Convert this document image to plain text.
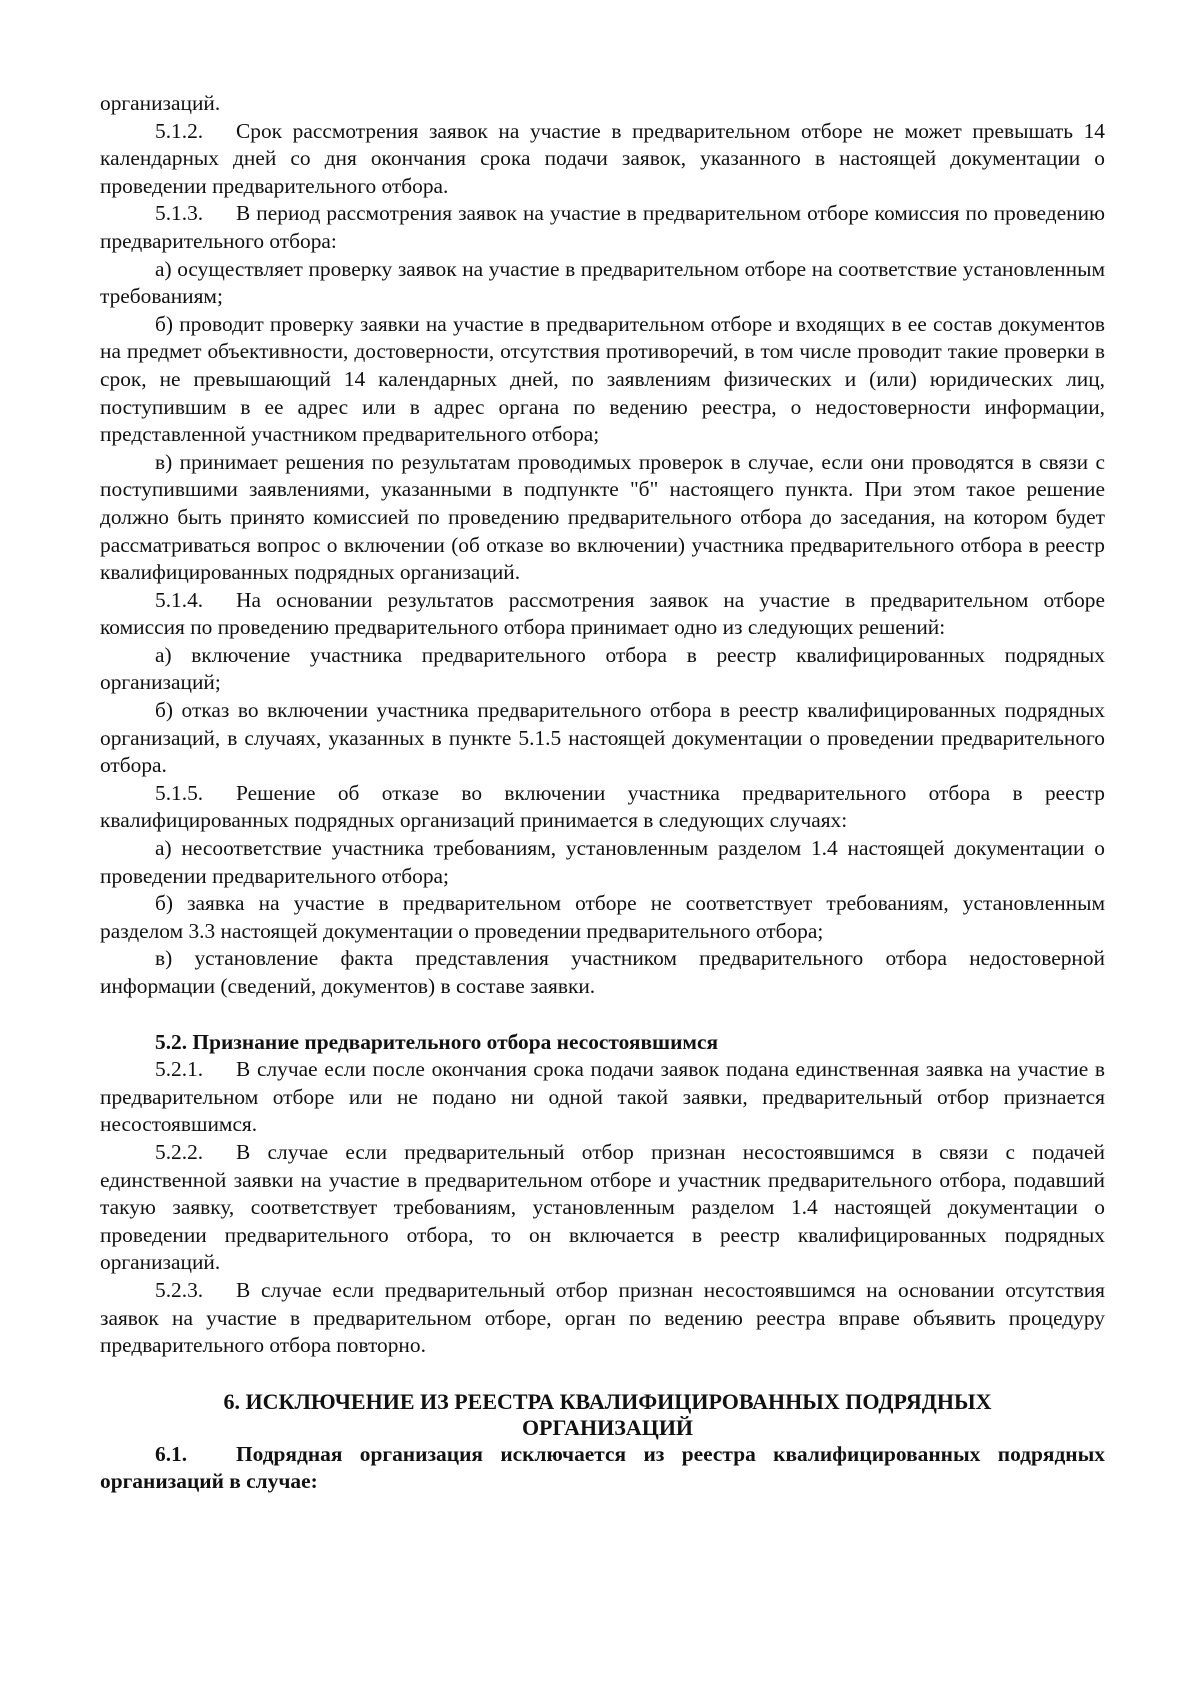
организаций.

5.1.2. Срок рассмотрения заявок на участие в предварительном отборе не может превышать 14 календарных дней со дня окончания срока подачи заявок, указанного в настоящей документации о проведении предварительного отбора.

5.1.3. В период рассмотрения заявок на участие в предварительном отборе комиссия по проведению предварительного отбора:

а) осуществляет проверку заявок на участие в предварительном отборе на соответствие установленным требованиям;

б) проводит проверку заявки на участие в предварительном отборе и входящих в ее состав документов на предмет объективности, достоверности, отсутствия противоречий, в том числе проводит такие проверки в срок, не превышающий 14 календарных дней, по заявлениям физических и (или) юридических лиц, поступившим в ее адрес или в адрес органа по ведению реестра, о недостоверности информации, представленной участником предварительного отбора;

в) принимает решения по результатам проводимых проверок в случае, если они проводятся в связи с поступившими заявлениями, указанными в подпункте "б" настоящего пункта. При этом такое решение должно быть принято комиссией по проведению предварительного отбора до заседания, на котором будет рассматриваться вопрос о включении (об отказе во включении) участника предварительного отбора в реестр квалифицированных подрядных организаций.

5.1.4. На основании результатов рассмотрения заявок на участие в предварительном отборе комиссия по проведению предварительного отбора принимает одно из следующих решений:

а) включение участника предварительного отбора в реестр квалифицированных подрядных организаций;

б) отказ во включении участника предварительного отбора в реестр квалифицированных подрядных организаций, в случаях, указанных в пункте 5.1.5 настоящей документации о проведении предварительного отбора.

5.1.5. Решение об отказе во включении участника предварительного отбора в реестр квалифицированных подрядных организаций принимается в следующих случаях:

а) несоответствие участника требованиям, установленным разделом 1.4 настоящей документации о проведении предварительного отбора;

б) заявка на участие в предварительном отборе не соответствует требованиям, установленным разделом 3.3 настоящей документации о проведении предварительного отбора;

в) установление факта представления участником предварительного отбора недостоверной информации (сведений, документов) в составе заявки.

5.2. Признание предварительного отбора несостоявшимся

5.2.1. В случае если после окончания срока подачи заявок подана единственная заявка на участие в предварительном отборе или не подано ни одной такой заявки, предварительный отбор признается несостоявшимся.

5.2.2. В случае если предварительный отбор признан несостоявшимся в связи с подачей единственной заявки на участие в предварительном отборе и участник предварительного отбора, подавший такую заявку, соответствует требованиям, установленным разделом 1.4 настоящей документации о проведении предварительного отбора, то он включается в реестр квалифицированных подрядных организаций.

5.2.3. В случае если предварительный отбор признан несостоявшимся на основании отсутствия заявок на участие в предварительном отборе, орган по ведению реестра вправе объявить процедуру предварительного отбора повторно.

6. ИСКЛЮЧЕНИЕ ИЗ РЕЕСТРА КВАЛИФИЦИРОВАННЫХ ПОДРЯДНЫХ

ОРГАНИЗАЦИЙ

6.1. Подрядная организация исключается из реестра квалифицированных подрядных организаций в случае:
